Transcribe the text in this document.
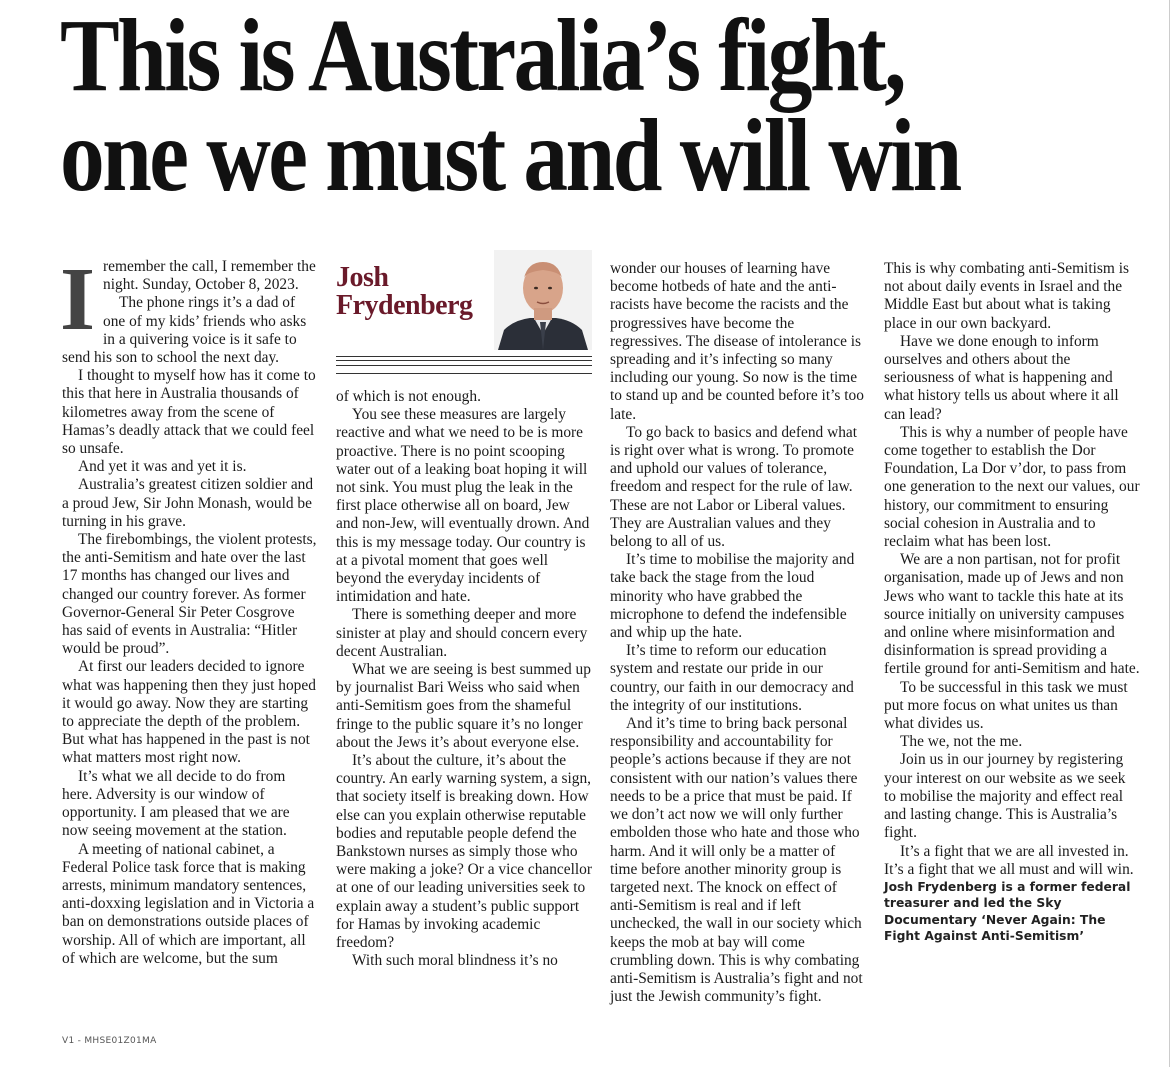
This is Australia’s fight,
one we must and will win

Iremember the call, I remember the night. Sunday, October 8, 2023.

The phone rings it’s a dad of one of my kids’ friends who asks in a quivering voice is it safe to send his son to school the next day.

I thought to myself how has it come to this that here in Australia thousands of kilometres away from the scene of Hamas’s deadly attack that we could feel so unsafe.

And yet it was and yet it is.

Australia’s greatest citizen soldier and a proud Jew, Sir John Monash, would be turning in his grave.

The firebombings, the violent protests, the anti-Semitism and hate over the last 17 months has changed our lives and changed our country forever. As former Governor-General Sir Peter Cosgrove has said of events in Australia: “Hitler would be proud”.

At first our leaders decided to ignore what was happening then they just hoped it would go away. Now they are starting to appreciate the depth of the problem. But what has happened in the past is not what matters most right now.

It’s what we all decide to do from here. Adversity is our window of opportunity. I am pleased that we are now seeing movement at the station.

A meeting of national cabinet, a Federal Police task force that is making arrests, minimum mandatory sentences, anti-doxxing legislation and in Victoria a ban on demonstrations outside places of worship. All of which are important, all of which are welcome, but the sum

Josh
Frydenberg

of which is not enough.

You see these measures are largely reactive and what we need to be is more proactive. There is no point scooping water out of a leaking boat hoping it will not sink. You must plug the leak in the first place otherwise all on board, Jew and non-Jew, will eventually drown. And this is my message today. Our country is at a pivotal moment that goes well beyond the everyday incidents of intimidation and hate.

There is something deeper and more sinister at play and should concern every decent Australian.

What we are seeing is best summed up by journalist Bari Weiss who said when anti-Semitism goes from the shameful fringe to the public square it’s no longer about the Jews it’s about everyone else.

It’s about the culture, it’s about the country. An early warning system, a sign, that society itself is breaking down. How else can you explain otherwise reputable bodies and reputable people defend the Bankstown nurses as simply those who were making a joke? Or a vice chancellor at one of our leading universities seek to explain away a student’s public support for Hamas by invoking academic freedom?

With such moral blindness it’s no

wonder our houses of learning have become hotbeds of hate and the anti-racists have become the racists and the progressives have become the regressives. The disease of intolerance is spreading and it’s infecting so many including our young. So now is the time to stand up and be counted before it’s too late.

To go back to basics and defend what is right over what is wrong. To promote and uphold our values of tolerance, freedom and respect for the rule of law. These are not Labor or Liberal values. They are Australian values and they belong to all of us.

It’s time to mobilise the majority and take back the stage from the loud minority who have grabbed the microphone to defend the indefensible and whip up the hate.

It’s time to reform our education system and restate our pride in our country, our faith in our democracy and the integrity of our institutions.

And it’s time to bring back personal responsibility and accountability for people’s actions because if they are not consistent with our nation’s values there needs to be a price that must be paid. If we don’t act now we will only further embolden those who hate and those who harm. And it will only be a matter of time before another minority group is targeted next. The knock on effect of anti-Semitism is real and if left unchecked, the wall in our society which keeps the mob at bay will come crumbling down. This is why combating anti-Semitism is Australia’s fight and not just the Jewish community’s fight.

This is why combating anti-Semitism is not about daily events in Israel and the Middle East but about what is taking place in our own backyard.

Have we done enough to inform ourselves and others about the seriousness of what is happening and what history tells us about where it all can lead?

This is why a number of people have come together to establish the Dor Foundation, La Dor v’dor, to pass from one generation to the next our values, our history, our commitment to ensuring social cohesion in Australia and to reclaim what has been lost.

We are a non partisan, not for profit organisation, made up of Jews and non Jews who want to tackle this hate at its source initially on university campuses and online where misinformation and disinformation is spread providing a fertile ground for anti-Semitism and hate.

To be successful in this task we must put more focus on what unites us than what divides us.

The we, not the me.

Join us in our journey by registering your interest on our website as we seek to mobilise the majority and effect real and lasting change. This is Australia’s fight.

It’s a fight that we are all invested in. It’s a fight that we all must and will win.

Josh Frydenberg is a former federal treasurer and led the Sky Documentary ‘Never Again: The Fight Against Anti-Semitism’

V1 - MHSE01Z01MA
